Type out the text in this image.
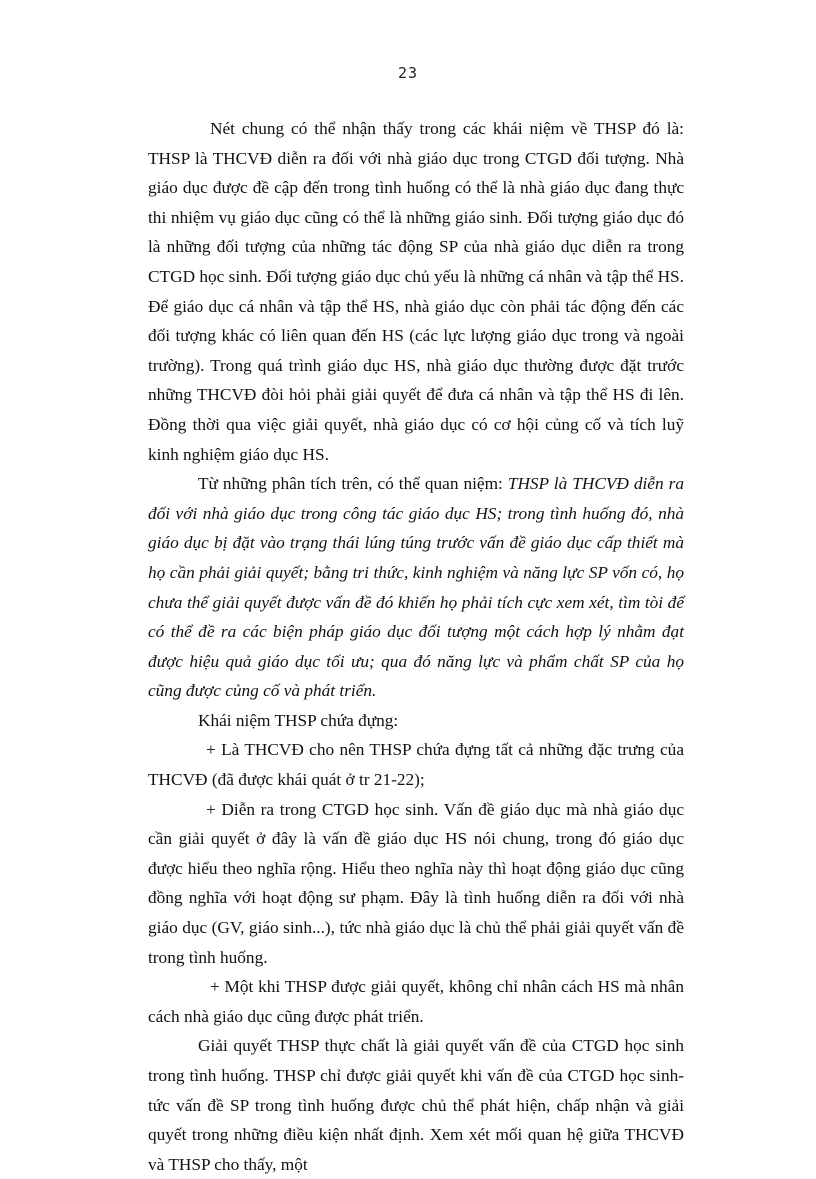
23

Nét chung có thể nhận thấy trong các khái niệm về THSP đó là: THSP là THCVĐ diễn ra đối với nhà giáo dục trong CTGD đối tượng. Nhà giáo dục được đề cập đến trong tình huống có thể là nhà giáo dục đang thực thi nhiệm vụ giáo dục cũng có thể là những giáo sinh. Đối tượng giáo dục đó là những đối tượng của những tác động SP của nhà giáo dục diễn ra trong CTGD học sinh. Đối tượng giáo dục chủ yếu là những cá nhân và tập thể HS. Để giáo dục cá nhân và tập thể HS, nhà giáo dục còn phải tác động đến các đối tượng khác có liên quan đến HS (các lực lượng giáo dục trong và ngoài trường). Trong quá trình giáo dục HS, nhà giáo dục thường được đặt trước những THCVĐ đòi hỏi phải giải quyết để đưa cá nhân và tập thể HS đi lên. Đồng thời qua việc giải quyết, nhà giáo dục có cơ hội củng cố và tích luỹ kinh nghiệm giáo dục HS.

Từ những phân tích trên, có thể quan niệm: THSP là THCVĐ diễn ra đối với nhà giáo dục trong công tác giáo dục HS; trong tình huống đó, nhà giáo dục bị đặt vào trạng thái lúng túng trước vấn đề giáo dục cấp thiết mà họ cần phải giải quyết; bằng tri thức, kinh nghiệm và năng lực SP vốn có, họ chưa thể giải quyết được vấn đề đó khiến họ phải tích cực xem xét, tìm tòi để có thể đề ra các biện pháp giáo dục đối tượng một cách hợp lý nhằm đạt được hiệu quả giáo dục tối ưu; qua đó năng lực và phẩm chất SP của họ cũng được củng cố và phát triển.

Khái niệm THSP chứa đựng:

+ Là THCVĐ cho nên THSP chứa đựng tất cả những đặc trưng của THCVĐ (đã được khái quát ở tr 21-22);

+ Diễn ra trong CTGD học sinh. Vấn đề giáo dục mà nhà giáo dục cần giải quyết ở đây là vấn đề giáo dục HS nói chung, trong đó giáo dục được hiểu theo nghĩa rộng. Hiểu theo nghĩa này thì hoạt động giáo dục cũng đồng nghĩa với hoạt động sư phạm. Đây là tình huống diễn ra đối với nhà giáo dục (GV, giáo sinh...), tức nhà giáo dục là chủ thể phải giải quyết vấn đề trong tình huống.

+ Một khi THSP được giải quyết, không chỉ nhân cách HS mà nhân cách nhà giáo dục cũng được phát triển.

Giải quyết THSP thực chất là giải quyết vấn đề của CTGD học sinh trong tình huống. THSP chỉ được giải quyết khi vấn đề của CTGD học sinh-tức vấn đề SP trong tình huống được chủ thể phát hiện, chấp nhận và giải quyết trong những điều kiện nhất định. Xem xét mối quan hệ giữa THCVĐ và THSP cho thấy, một
